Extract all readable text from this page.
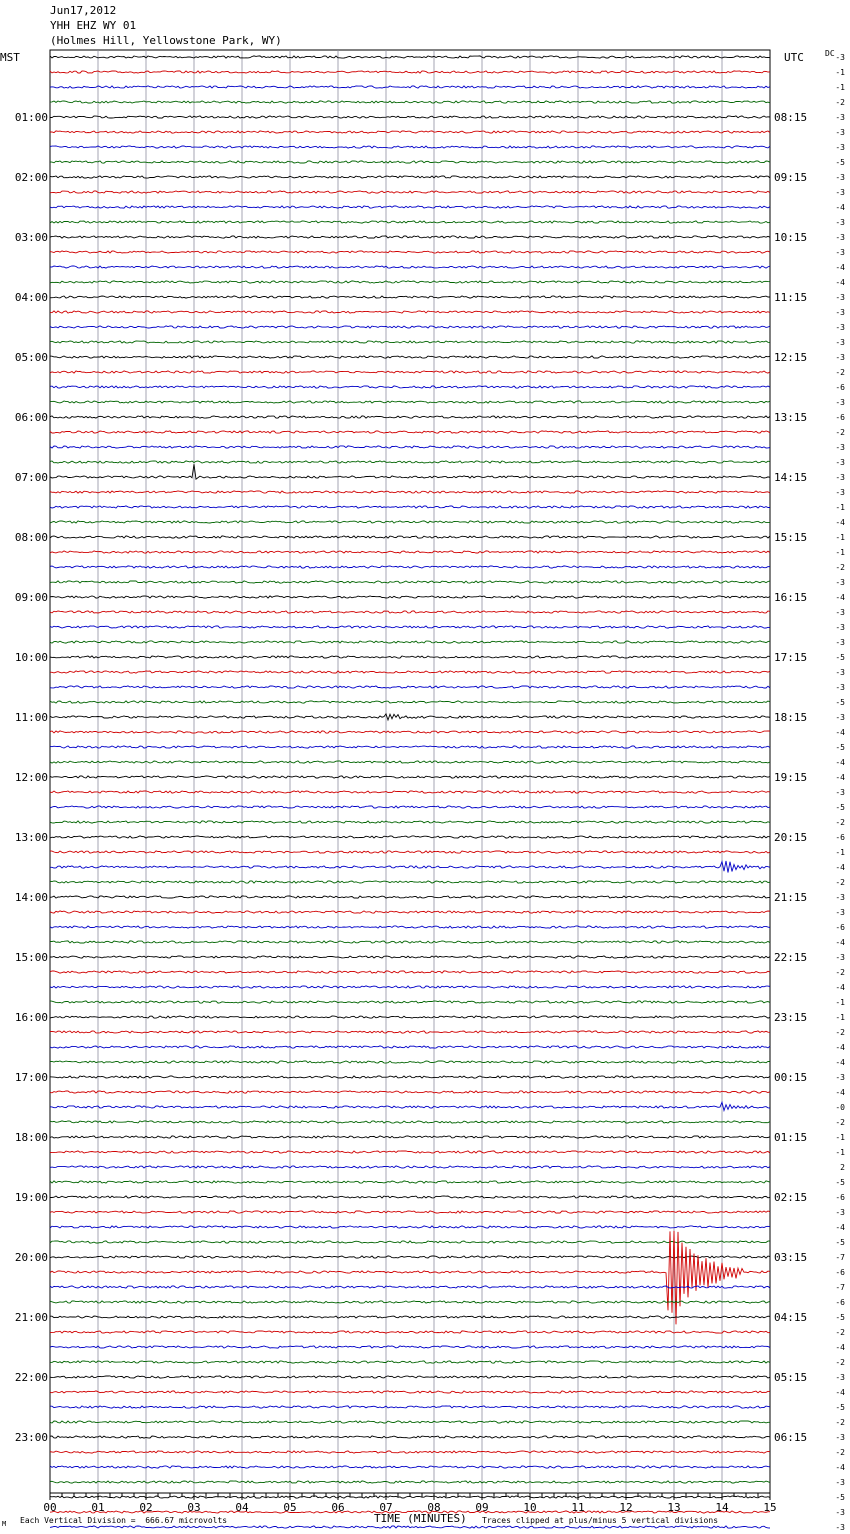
Jun17,2012
YHH EHZ WY 01
(Holmes Hill, Yellowstone Park, WY)
-3
-1
-1
-2
-3
-3
-3
-5
-3
-3
-4
-3
-3
-3
-4
-4
-3
-3
-3
-3
-3
-2
-6
-3
-6
-2
-3
-3
-3
-3
-1
-4
-1
-1
-2
-3
-4
-3
-3
-3
-5
-3
-3
-5
-3
-4
-5
-4
-4
-3
-5
-2
-6
-1
-4
-2
-3
-3
-6
-4
-3
-2
-4
-1
-1
-2
-4
-4
-3
-4
-0
-2
-1
-1
2
-5
-6
-3
-4
-5
-7
-6
-7
-6
-5
-2
-4
-2
-3
-4
-5
-2
-3
-2
-4
-3
-5
-3
-3
01:00
02:00
03:00
04:00
05:00
06:00
07:00
08:00
09:00
10:00
11:00
12:00
13:00
14:00
15:00
16:00
17:00
18:00
19:00
20:00
21:00
22:00
23:00
08:15
09:15
10:15
11:15
12:15
13:15
14:15
15:15
16:15
17:15
18:15
19:15
20:15
21:15
22:15
23:15
00:15
01:15
02:15
03:15
04:15
05:15
06:15
MST	UTC	DC
00	01	02	03	04	05	06	07	08	09	10	11	12	13	14	15
TIME (MINUTES)
Each Vertical Division =  666.67 microvolts	Traces clipped at plus/minus 5 vertical divisions
M
